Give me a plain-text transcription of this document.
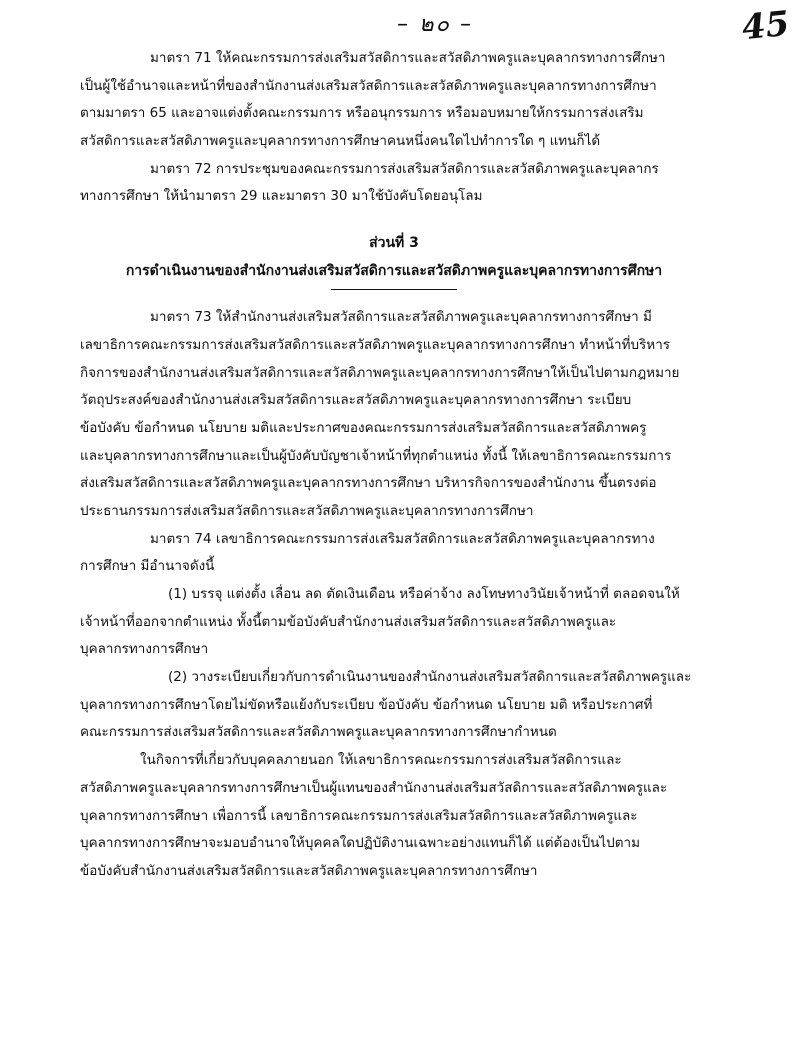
– ๒๐ –	45
มาตรา 71 ให้คณะกรรมการส่งเสริมสวัสดิการและสวัสดิภาพครูและบุคลากรทางการศึกษา
เป็นผู้ใช้อำนาจและหน้าที่ของสำนักงานส่งเสริมสวัสดิการและสวัสดิภาพครูและบุคลากรทางการศึกษา
ตามมาตรา 65 และอาจแต่งตั้งคณะกรรมการ หรืออนุกรรมการ หรือมอบหมายให้กรรมการส่งเสริม
สวัสดิการและสวัสดิภาพครูและบุคลากรทางการศึกษาคนหนึ่งคนใดไปทำการใด ๆ แทนก็ได้
มาตรา 72 การประชุมของคณะกรรมการส่งเสริมสวัสดิการและสวัสดิภาพครูและบุคลากร
ทางการศึกษา ให้นำมาตรา 29 และมาตรา 30 มาใช้บังคับโดยอนุโลม
ส่วนที่ 3
การดำเนินงานของสำนักงานส่งเสริมสวัสดิการและสวัสดิภาพครูและบุคลากรทางการศึกษา
มาตรา 73 ให้สำนักงานส่งเสริมสวัสดิการและสวัสดิภาพครูและบุคลากรทางการศึกษา มี
เลขาธิการคณะกรรมการส่งเสริมสวัสดิการและสวัสดิภาพครูและบุคลากรทางการศึกษา ทำหน้าที่บริหาร
กิจการของสำนักงานส่งเสริมสวัสดิการและสวัสดิภาพครูและบุคลากรทางการศึกษาให้เป็นไปตามกฎหมาย
วัตถุประสงค์ของสำนักงานส่งเสริมสวัสดิการและสวัสดิภาพครูและบุคลากรทางการศึกษา ระเบียบ
ข้อบังคับ ข้อกำหนด นโยบาย มติและประกาศของคณะกรรมการส่งเสริมสวัสดิการและสวัสดิภาพครู
และบุคลากรทางการศึกษาและเป็นผู้บังคับบัญชาเจ้าหน้าที่ทุกตำแหน่ง ทั้งนี้ ให้เลขาธิการคณะกรรมการ
ส่งเสริมสวัสดิการและสวัสดิภาพครูและบุคลากรทางการศึกษา บริหารกิจการของสำนักงาน ขึ้นตรงต่อ
ประธานกรรมการส่งเสริมสวัสดิการและสวัสดิภาพครูและบุคลากรทางการศึกษา
มาตรา 74 เลขาธิการคณะกรรมการส่งเสริมสวัสดิการและสวัสดิภาพครูและบุคลากรทาง
การศึกษา มีอำนาจดังนี้
(1) บรรจุ แต่งตั้ง เลื่อน ลด ตัดเงินเดือน หรือค่าจ้าง ลงโทษทางวินัยเจ้าหน้าที่ ตลอดจนให้
เจ้าหน้าที่ออกจากตำแหน่ง ทั้งนี้ตามข้อบังคับสำนักงานส่งเสริมสวัสดิการและสวัสดิภาพครูและ
บุคลากรทางการศึกษา
(2) วางระเบียบเกี่ยวกับการดำเนินงานของสำนักงานส่งเสริมสวัสดิการและสวัสดิภาพครูและ
บุคลากรทางการศึกษาโดยไม่ขัดหรือแย้งกับระเบียบ ข้อบังคับ ข้อกำหนด นโยบาย มติ หรือประกาศที่
คณะกรรมการส่งเสริมสวัสดิการและสวัสดิภาพครูและบุคลากรทางการศึกษากำหนด
ในกิจการที่เกี่ยวกับบุคคลภายนอก ให้เลขาธิการคณะกรรมการส่งเสริมสวัสดิการและ
สวัสดิภาพครูและบุคลากรทางการศึกษาเป็นผู้แทนของสำนักงานส่งเสริมสวัสดิการและสวัสดิภาพครูและ
บุคลากรทางการศึกษา เพื่อการนี้ เลขาธิการคณะกรรมการส่งเสริมสวัสดิการและสวัสดิภาพครูและ
บุคลากรทางการศึกษาจะมอบอำนาจให้บุคคลใดปฏิบัติงานเฉพาะอย่างแทนก็ได้ แต่ต้องเป็นไปตาม
ข้อบังคับสำนักงานส่งเสริมสวัสดิการและสวัสดิภาพครูและบุคลากรทางการศึกษา
